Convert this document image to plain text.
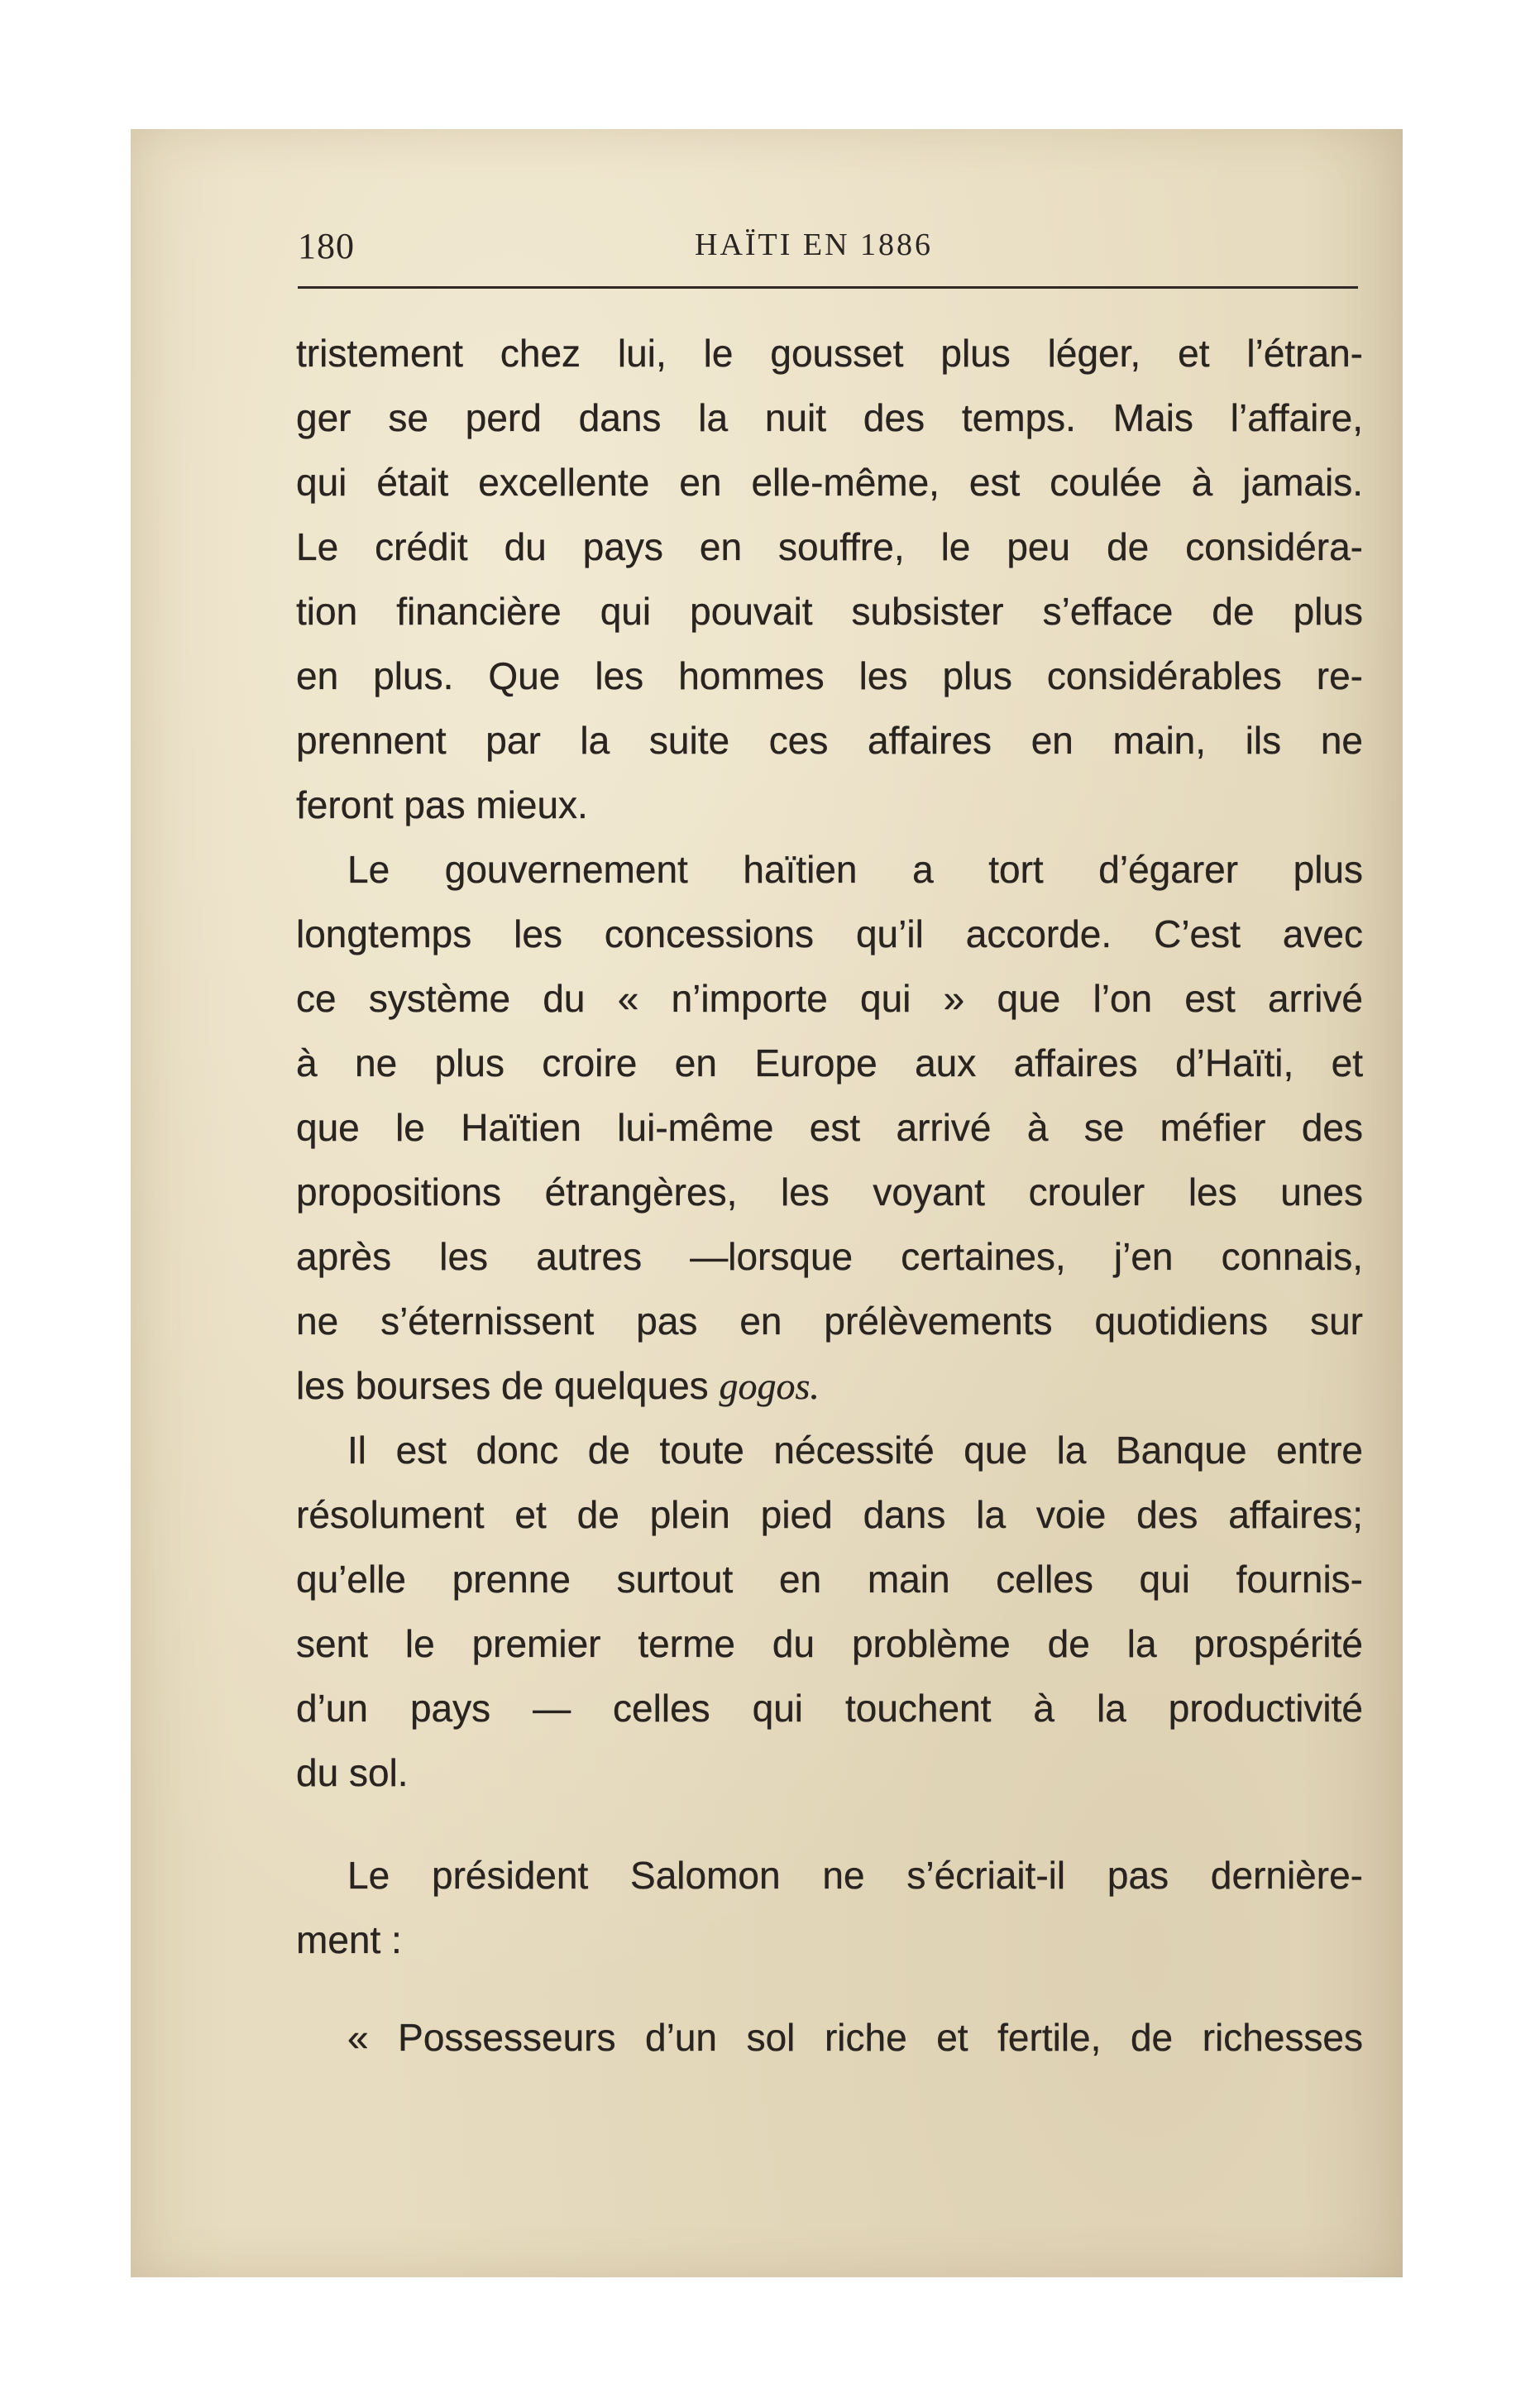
180	HAÏTI EN 1886
tristement chez lui, le gousset plus léger, et l’étran-
ger se perd dans la nuit des temps. Mais l’affaire,
qui était excellente en elle-même, est coulée à jamais.
Le crédit du pays en souffre, le peu de considéra-
tion financière qui pouvait subsister s’efface de plus
en plus. Que les hommes les plus considérables re-
prennent par la suite ces affaires en main, ils ne
feront pas mieux.
Le gouvernement haïtien a tort d’égarer plus
longtemps les concessions qu’il accorde. C’est avec
ce système du « n’importe qui » que l’on est arrivé
à ne plus croire en Europe aux affaires d’Haïti, et
que le Haïtien lui-même est arrivé à se méfier des
propositions étrangères, les voyant crouler les unes
après les autres —lorsque certaines, j’en connais,
ne s’éternissent pas en prélèvements quotidiens sur
les bourses de quelques gogos.
Il est donc de toute nécessité que la Banque entre
résolument et de plein pied dans la voie des affaires;
qu’elle prenne surtout en main celles qui fournis-
sent le premier terme du problème de la prospérité
d’un pays — celles qui touchent à la productivité
du sol.
Le président Salomon ne s’écriait-il pas dernière-
ment :
« Possesseurs d’un sol riche et fertile, de richesses
